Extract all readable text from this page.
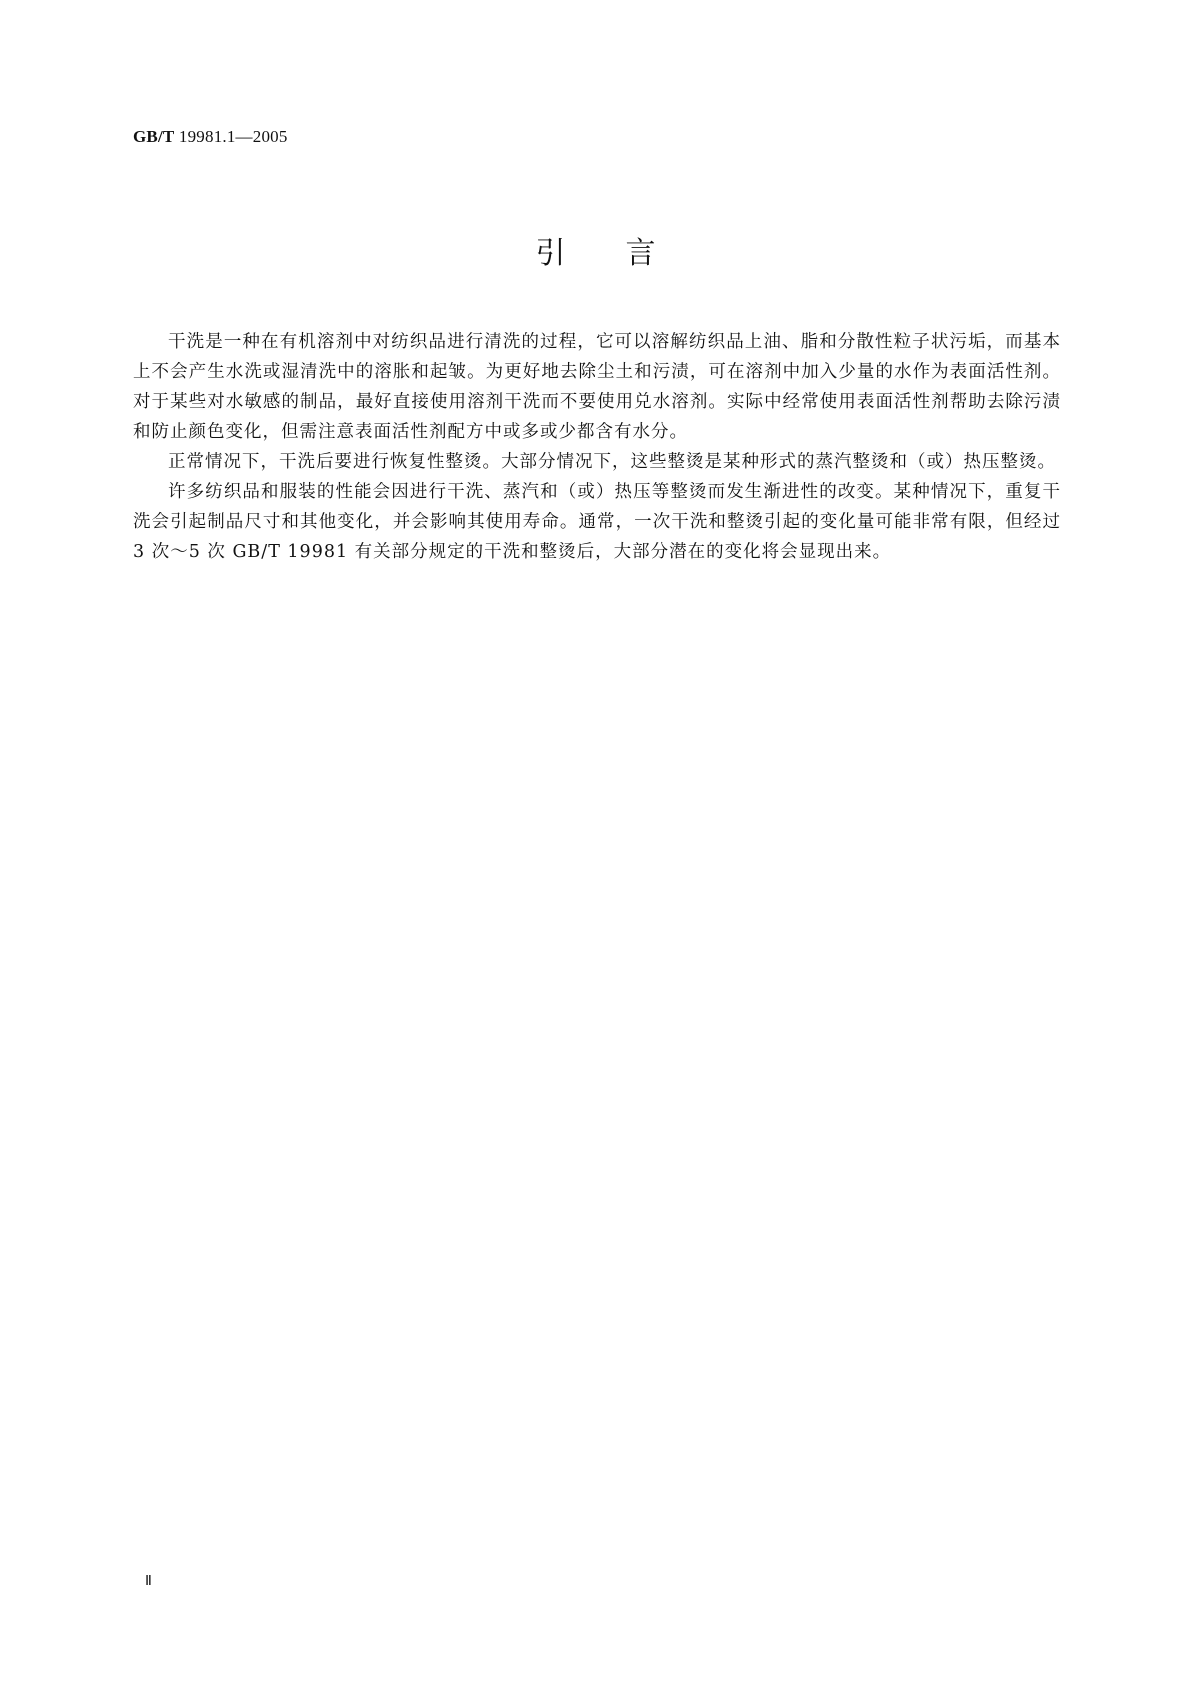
GB/T 19981.1—2005
引言

干洗是一种在有机溶剂中对纺织品进行清洗的过程，它可以溶解纺织品上油、脂和分散性粒子状污垢，而基本上不会产生水洗或湿清洗中的溶胀和起皱。为更好地去除尘土和污渍，可在溶剂中加入少量的水作为表面活性剂。对于某些对水敏感的制品，最好直接使用溶剂干洗而不要使用兑水溶剂。实际中经常使用表面活性剂帮助去除污渍和防止颜色变化，但需注意表面活性剂配方中或多或少都含有水分。

正常情况下，干洗后要进行恢复性整烫。大部分情况下，这些整烫是某种形式的蒸汽整烫和（或）热压整烫。

许多纺织品和服装的性能会因进行干洗、蒸汽和（或）热压等整烫而发生渐进性的改变。某种情况下，重复干洗会引起制品尺寸和其他变化，并会影响其使用寿命。通常，一次干洗和整烫引起的变化量可能非常有限，但经过 3 次～5 次 GB/T 19981 有关部分规定的干洗和整烫后，大部分潜在的变化将会显现出来。

Ⅱ
